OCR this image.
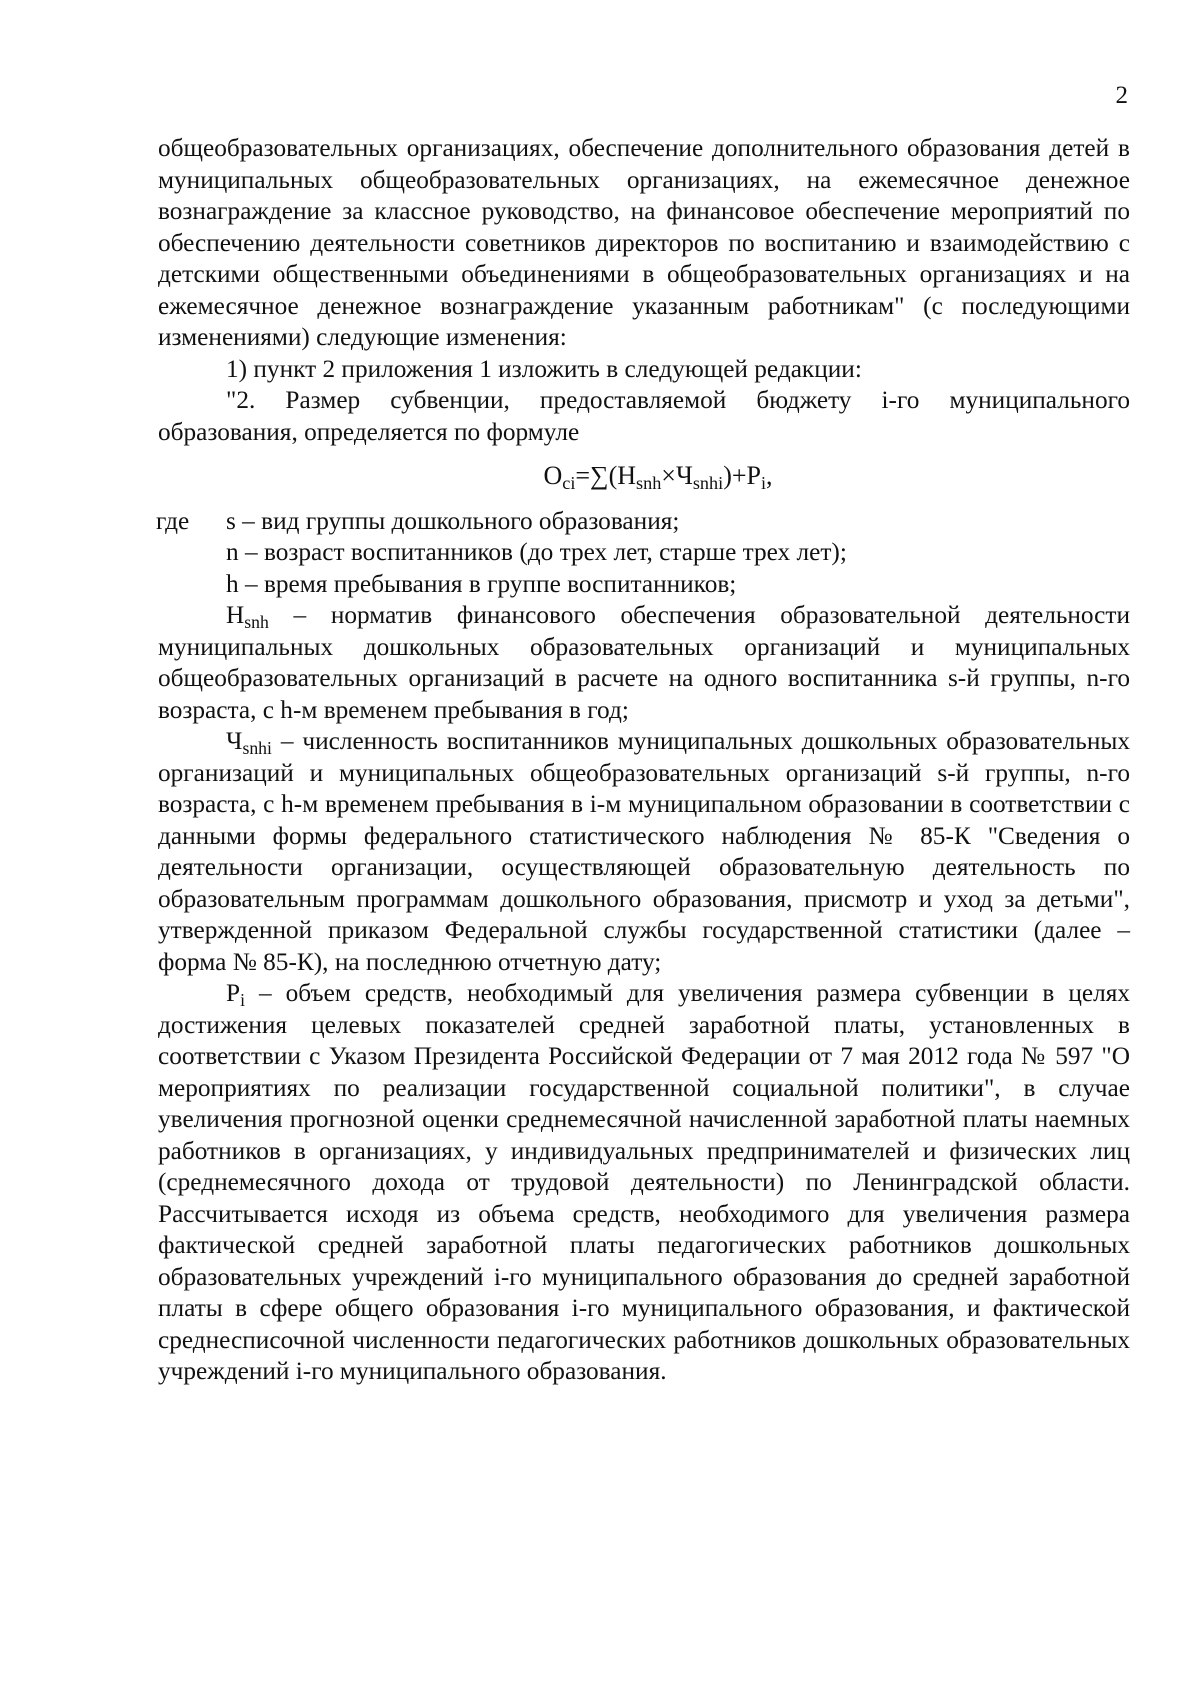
2

общеобразовательных организациях, обеспечение дополнительного образования детей в муниципальных общеобразовательных организациях, на ежемесячное денежное вознаграждение за классное руководство, на финансовое обеспечение мероприятий по обеспечению деятельности советников директоров по воспитанию и взаимодействию с детскими общественными объединениями в общеобразовательных организациях и на ежемесячное денежное вознаграждение указанным работникам" (с последующими изменениями) следующие изменения:

1) пункт 2 приложения 1 изложить в следующей редакции:

"2. Размер субвенции, предоставляемой бюджету i-го муниципального образования, определяется по формуле

$O_{ci}=\sum(Н_{snh}\times Ч_{snhi})+P_i$,
где s – вид группы дошкольного образования;

n – возраст воспитанников (до трех лет, старше трех лет);

h – время пребывания в группе воспитанников;

$Н_{snh}$ – норматив финансового обеспечения образовательной деятельности муниципальных дошкольных образовательных организаций и муниципальных общеобразовательных организаций в расчете на одного воспитанника s-й группы, n-го возраста, с h-м временем пребывания в год;

$Ч_{snhi}$ – численность воспитанников муниципальных дошкольных образовательных организаций и муниципальных общеобразовательных организаций s-й группы, n-го возраста, с h-м временем пребывания в i-м муниципальном образовании в соответствии с данными формы федерального статистического наблюдения № 85-К "Сведения о деятельности организации, осуществляющей образовательную деятельность по образовательным программам дошкольного образования, присмотр и уход за детьми", утвержденной приказом Федеральной службы государственной статистики (далее – форма № 85-К), на последнюю отчетную дату;

$P_i$ – объем средств, необходимый для увеличения размера субвенции в целях достижения целевых показателей средней заработной платы, установленных в соответствии с Указом Президента Российской Федерации от 7 мая 2012 года № 597 "О мероприятиях по реализации государственной социальной политики", в случае увеличения прогнозной оценки среднемесячной начисленной заработной платы наемных работников в организациях, у индивидуальных предпринимателей и физических лиц (среднемесячного дохода от трудовой деятельности) по Ленинградской области. Рассчитывается исходя из объема средств, необходимого для увеличения размера фактической средней заработной платы педагогических работников дошкольных образовательных учреждений i-го муниципального образования до средней заработной платы в сфере общего образования i-го муниципального образования, и фактической среднесписочной численности педагогических работников дошкольных образовательных учреждений i-го муниципального образования.
